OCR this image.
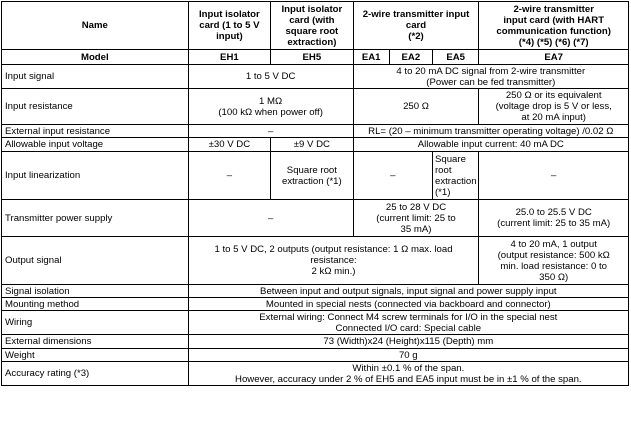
Name	Input isolator
card (1 to 5 V
input)	Input isolator
card (with
square root
extraction)	2-wire transmitter input card
(*2)			2-wire transmitter
input card (with HART
communication function)
(*4) (*5) (*6) (*7)
Model	EH1	EH5	EA1	EA2	EA5	EA7
Input signal	1 to 5 V DC		4 to 20 mA DC signal from 2-wire transmitter
(Power can be fed transmitter)			
Input resistance	1 MΩ
(100 kΩ when power off)		250 Ω			250 Ω or its equivalent
(voltage drop is 5 V or less,
at 20 mA input)
External input resistance	–		RL= (20 – minimum transmitter operating voltage) /0.02 Ω			
Allowable input voltage	±30 V DC	±9 V DC	Allowable input current: 40 mA DC			
Input linearization	–	Square root
extraction (*1)	–		Square
root
extraction
(*1)	–
Transmitter power supply	–		25 to 28 V DC
(current limit: 25 to
35 mA)			25.0 to 25.5 V DC
(current limit: 25 to 35 mA)
Output signal	1 to 5 V DC, 2 outputs (output resistance: 1 Ω max. load resistance:
2 kΩ min.)					4 to 20 mA, 1 output
(output resistance: 500 kΩ
min. load resistance: 0 to
350 Ω)
Signal isolation	Between input and output signals, input signal and power supply input					
Mounting method	Mounted in special nests (connected via backboard and connector)					
Wiring	External wiring: Connect M4 screw terminals for I/O in the special nest
Connected I/O card: Special cable					
External dimensions	73 (Width)x24 (Height)x115 (Depth) mm					
Weight	70 g					
Accuracy rating (*3)	Within ±0.1 % of the span.
However, accuracy under 2 % of EH5 and EA5 input must be in ±1 % of the span.					
